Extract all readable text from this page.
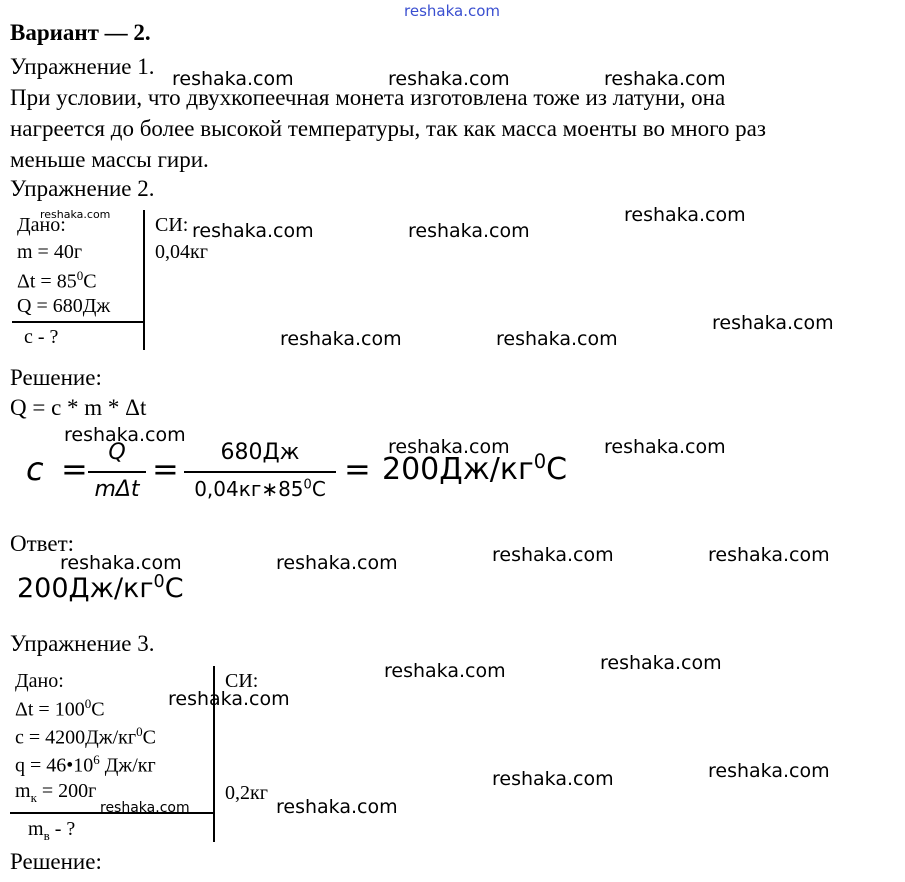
reshaka.com
Вариант — 2.
Упражнение 1.
При условии, что двухкопеечная монета изготовлена тоже из латуни, она
нагреется до более высокой температуры, так как масса моенты во много раз
меньше массы гири.
Упражнение 2.
Дано:
m = 40г
$\Delta t = 85^0C$
Q = 680Дж
c - ?
СИ:
0,04кг
Решение:
Q = c * m * Δt
c = Q
mΔt
=	680Дж
$0,04кг∗85^0C$
= $200Дж/кг^0C$
Ответ:
$200Дж/кг^0C$
Упражнение 3.
Дано:
$\Delta t = 100^0C$
$c = 4200Дж/кг^0C$
$q = 46•10^6$ Дж/кг
$m_к = 200г$
$m_в$ - ?
СИ:
0,2кг
Решение:
reshaka.com	reshaka.com	reshaka.com
reshaka.com
reshaka.com	reshaka.com
reshaka.com
reshaka.com
reshaka.com	reshaka.com
reshaka.com
reshaka.com	reshaka.com
reshaka.com	reshaka.com	reshaka.com	reshaka.com
reshaka.com
reshaka.com
reshaka.com
reshaka.com
reshaka.com
reshaka.com	reshaka.com
